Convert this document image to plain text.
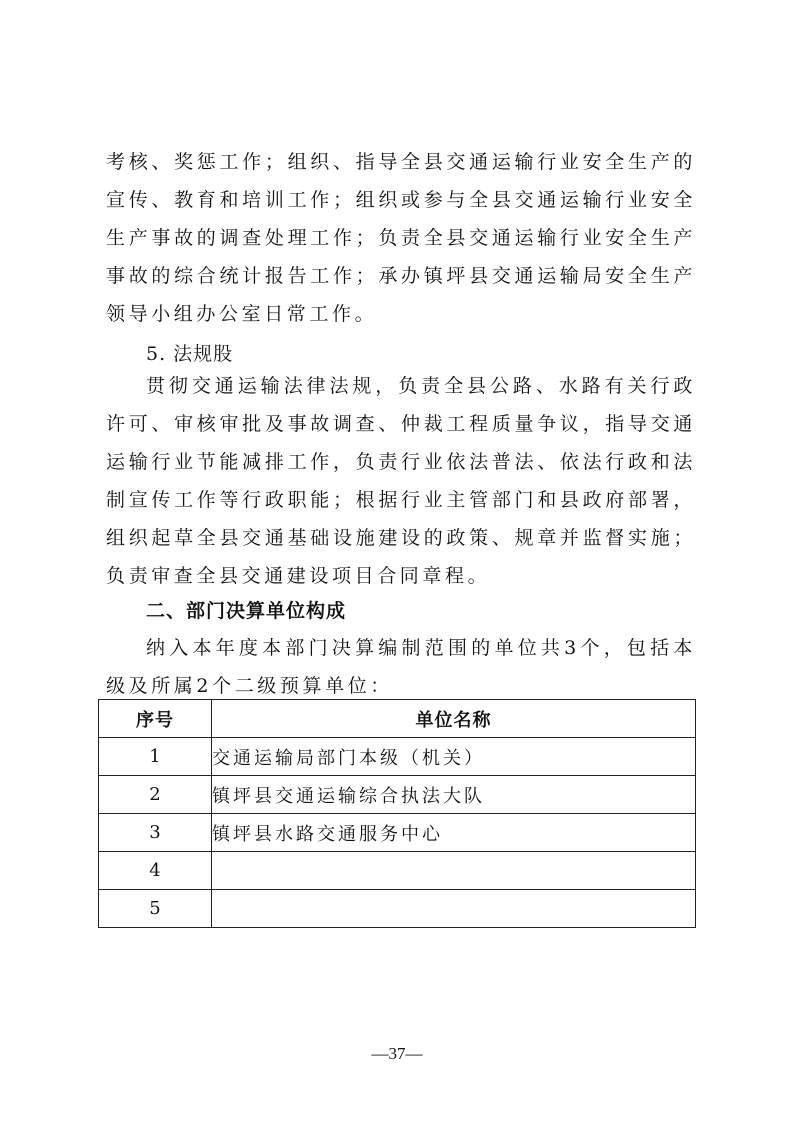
考核、奖惩工作；组织、指导全县交通运输行业安全生产的宣传、教育和培训工作；组织或参与全县交通运输行业安全生产事故的调查处理工作；负责全县交通运输行业安全生产事故的综合统计报告工作；承办镇坪县交通运输局安全生产领导小组办公室日常工作。

5. 法规股

贯彻交通运输法律法规，负责全县公路、水路有关行政许可、审核审批及事故调查、仲裁工程质量争议，指导交通运输行业节能减排工作，负责行业依法普法、依法行政和法制宣传工作等行政职能；根据行业主管部门和县政府部署，组织起草全县交通基础设施建设的政策、规章并监督实施；负责审查全县交通建设项目合同章程。

二、部门决算单位构成

纳入本年度本部门决算编制范围的单位共3个，包括本级及所属2个二级预算单位：

序号	单位名称
1	交通运输局部门本级（机关）
2	镇坪县交通运输综合执法大队
3	镇坪县水路交通服务中心
4	
5	
—37—
